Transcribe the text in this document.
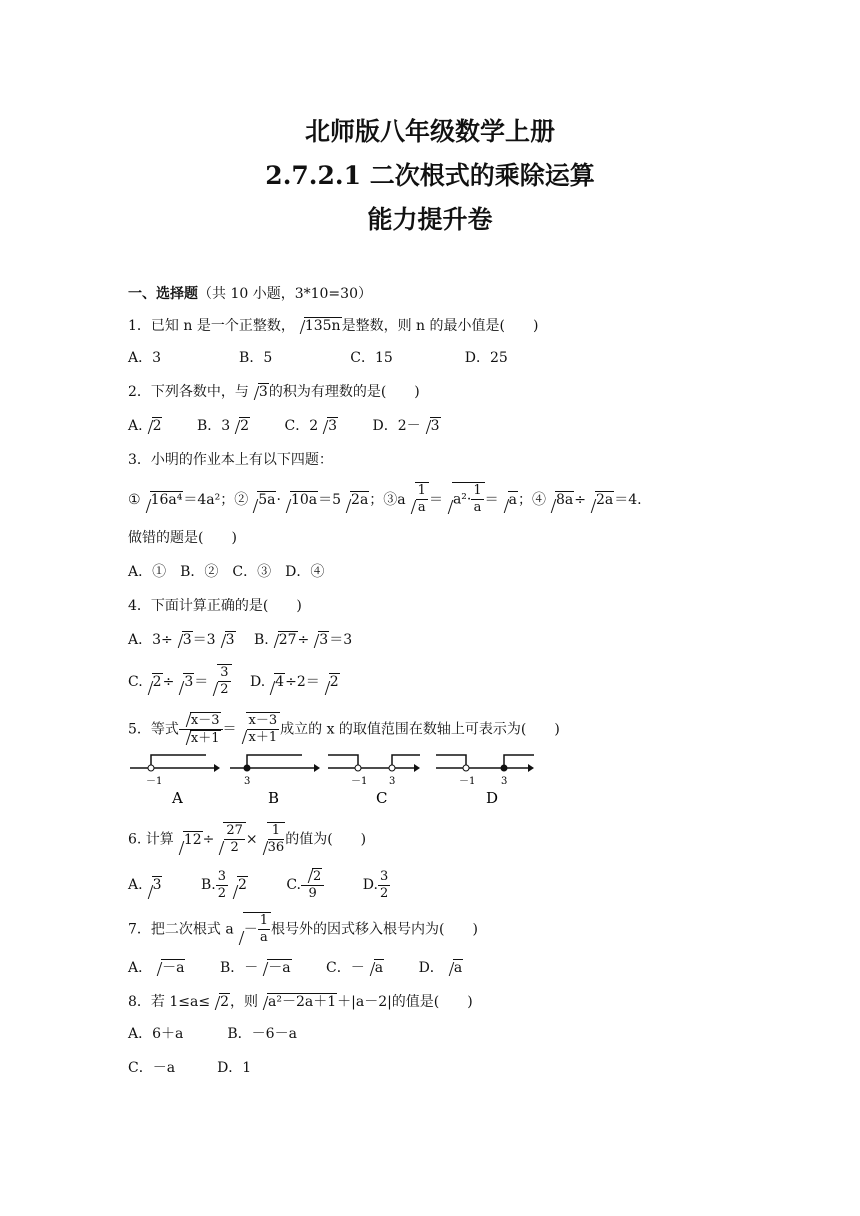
北师版八年级数学上册
2.7.2.1 二次根式的乘除运算
能力提升卷
一、选择题（共 10 小题，3*10=30）
1．已知 n 是一个正整数， 135n是整数，则 n 的最小值是(　　)
A．3	B．5	C．15	D．25
2．下列各数中，与 3的积为有理数的是(　　)
A. 2	B．3 2	C．2 3	D．2－ 3
3．小明的作业本上有以下四题：
① 16a⁴＝4a²；② 5a· 10a＝5 2a；③a $\frac{1}{a} = a^2\cdot \frac{1}{a} = a$；④ 8a÷ 2a＝4.
做错的题是(　　)
A．① B．② C．③ D．④
4．下面计算正确的是(　　)
A．3÷ 3＝3 3 B. 27÷ 3＝3
C. $2\div 3= \frac{3}{2} D$. 4÷2＝ 2
5．等式 $\frac{x-3}{x+1} = \frac{x-3}{x+1}$ 成立的 x 的取值范围在数轴上可表示为(　　)
－1
A
3
B
－1 3
C
－1	3
D
6. 计算 $12\div \frac{27}{2} \times \frac{1}{36}$ 的值为(　　)
A. 3	B. $\frac{3}{2} 2$	C. $\frac{2}{9}$	D. $\frac{3}{2}$
7．把二次根式 $a - \frac{1}{a}$ 根号外的因式移入根号内为(　　)
A． －a	B．－ －a	C．－ a	D． a
8．若 1≤a≤ 2，则 a²－2a＋1＋|a－2|的值是(　　)
A．6＋a	B．－6－a
C．－a	D．1
